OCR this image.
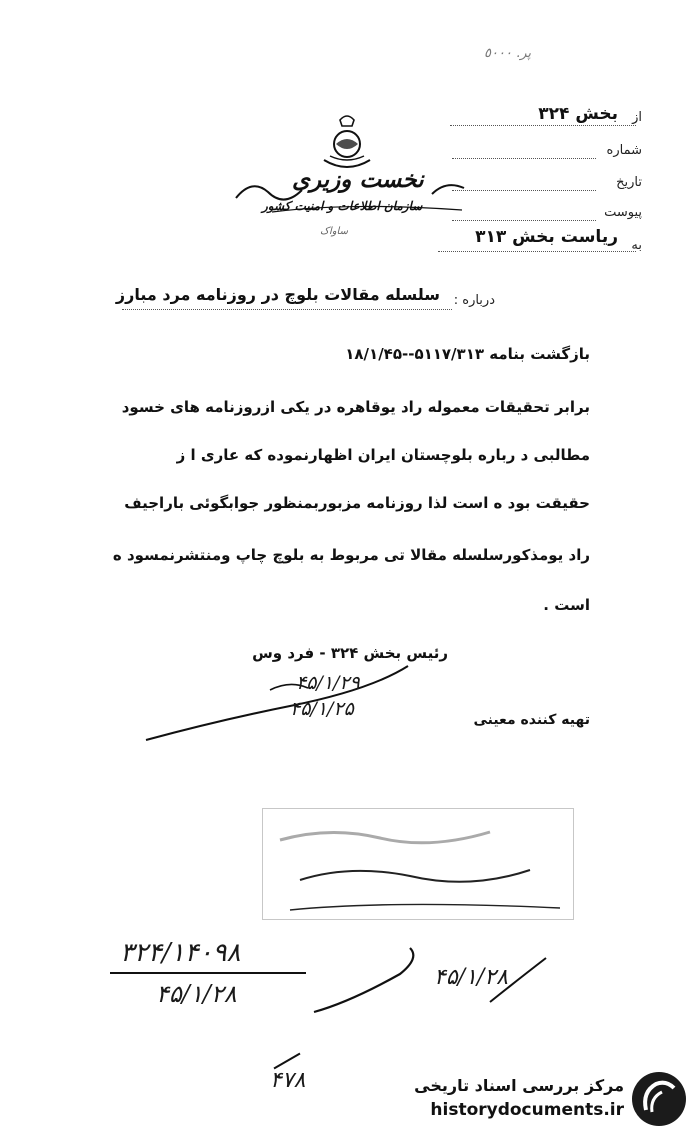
پر. ٥٠٠٠
نخست وزیری
سازمان اطلاعات و امنیت کشور
ساواک
از
بخش ۳۲۴
شماره
تاریخ
پیوست
به
ریاست بخش ۳۱۳
درباره :
سلسله مقالات بلوچ در روزنامه مرد مبارز
بازگشت بنامه ۵۱۱۷/۳۱۳--۱۸/۱/۴۵
برابر تحقیقات معموله راد یوقاهره در یکی ازروزنامه های خسود
مطالبی د رباره بلوچستان ایران اظهارنموده که عاری ا ز
حقیقت بود ه است لذا روزنامه مزبوربمنظور جوابگوئی باراجیف
راد یومذکورسلسله مقالا تی مربوط به بلوچ چاپ ومنتشرنمسود ه
است .
رئیس بخش ۳۲۴ - فرد وس
۴۵/۱/۲۹
۴۵/۱/۲۵	تهیه کننده معینی
۳۲۴/۱۴۰۹۸
۴۵/۱/۲۸
۴۵/۱/۲۸
۴۷۸	مرکز بررسی اسناد تاریخی
historydocuments.ir
